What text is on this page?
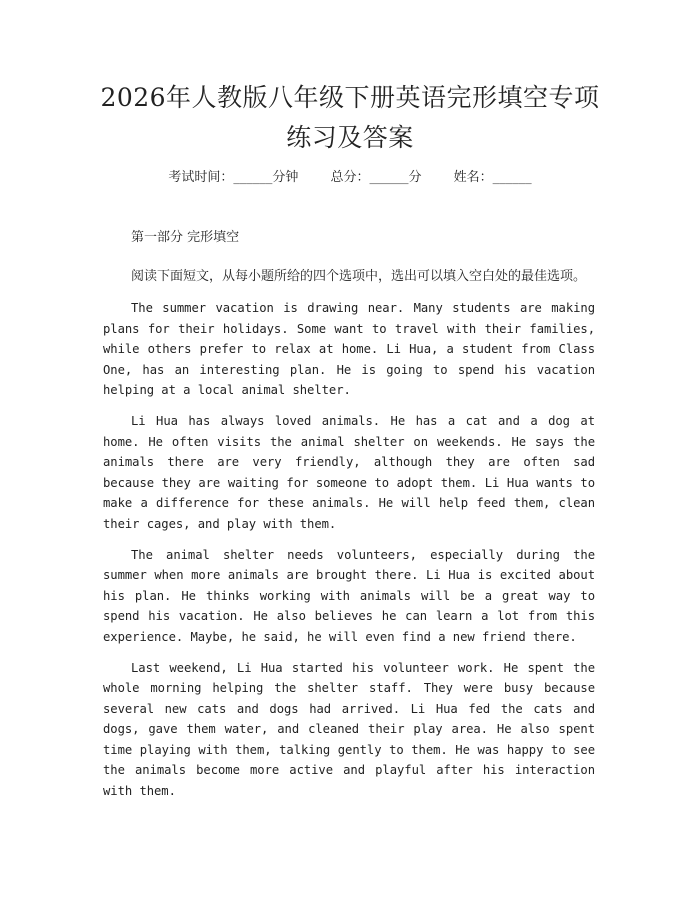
2026年人教版八年级下册英语完形填空专项
练习及答案
考试时间：______分钟 总分：______分 姓名：______

第一部分 完形填空

阅读下面短文，从每小题所给的四个选项中，选出可以填入空白处的最佳选项。

The summer vacation is drawing near. Many students are making plans for their holidays. Some want to travel with their families, while others prefer to relax at home. Li Hua, a student from Class One, has an interesting plan. He is going to spend his vacation helping at a local animal shelter.

Li Hua has always loved animals. He has a cat and a dog at home. He often visits the animal shelter on weekends. He says the animals there are very friendly, although they are often sad because they are waiting for someone to adopt them. Li Hua wants to make a difference for these animals. He will help feed them, clean their cages, and play with them.

The animal shelter needs volunteers, especially during the summer when more animals are brought there. Li Hua is excited about his plan. He thinks working with animals will be a great way to spend his vacation. He also believes he can learn a lot from this experience. Maybe, he said, he will even find a new friend there.

Last weekend, Li Hua started his volunteer work. He spent the whole morning helping the shelter staff. They were busy because several new cats and dogs had arrived. Li Hua fed the cats and dogs, gave them water, and cleaned their play area. He also spent time playing with them, talking gently to them. He was happy to see the animals become more active and playful after his interaction with them.
